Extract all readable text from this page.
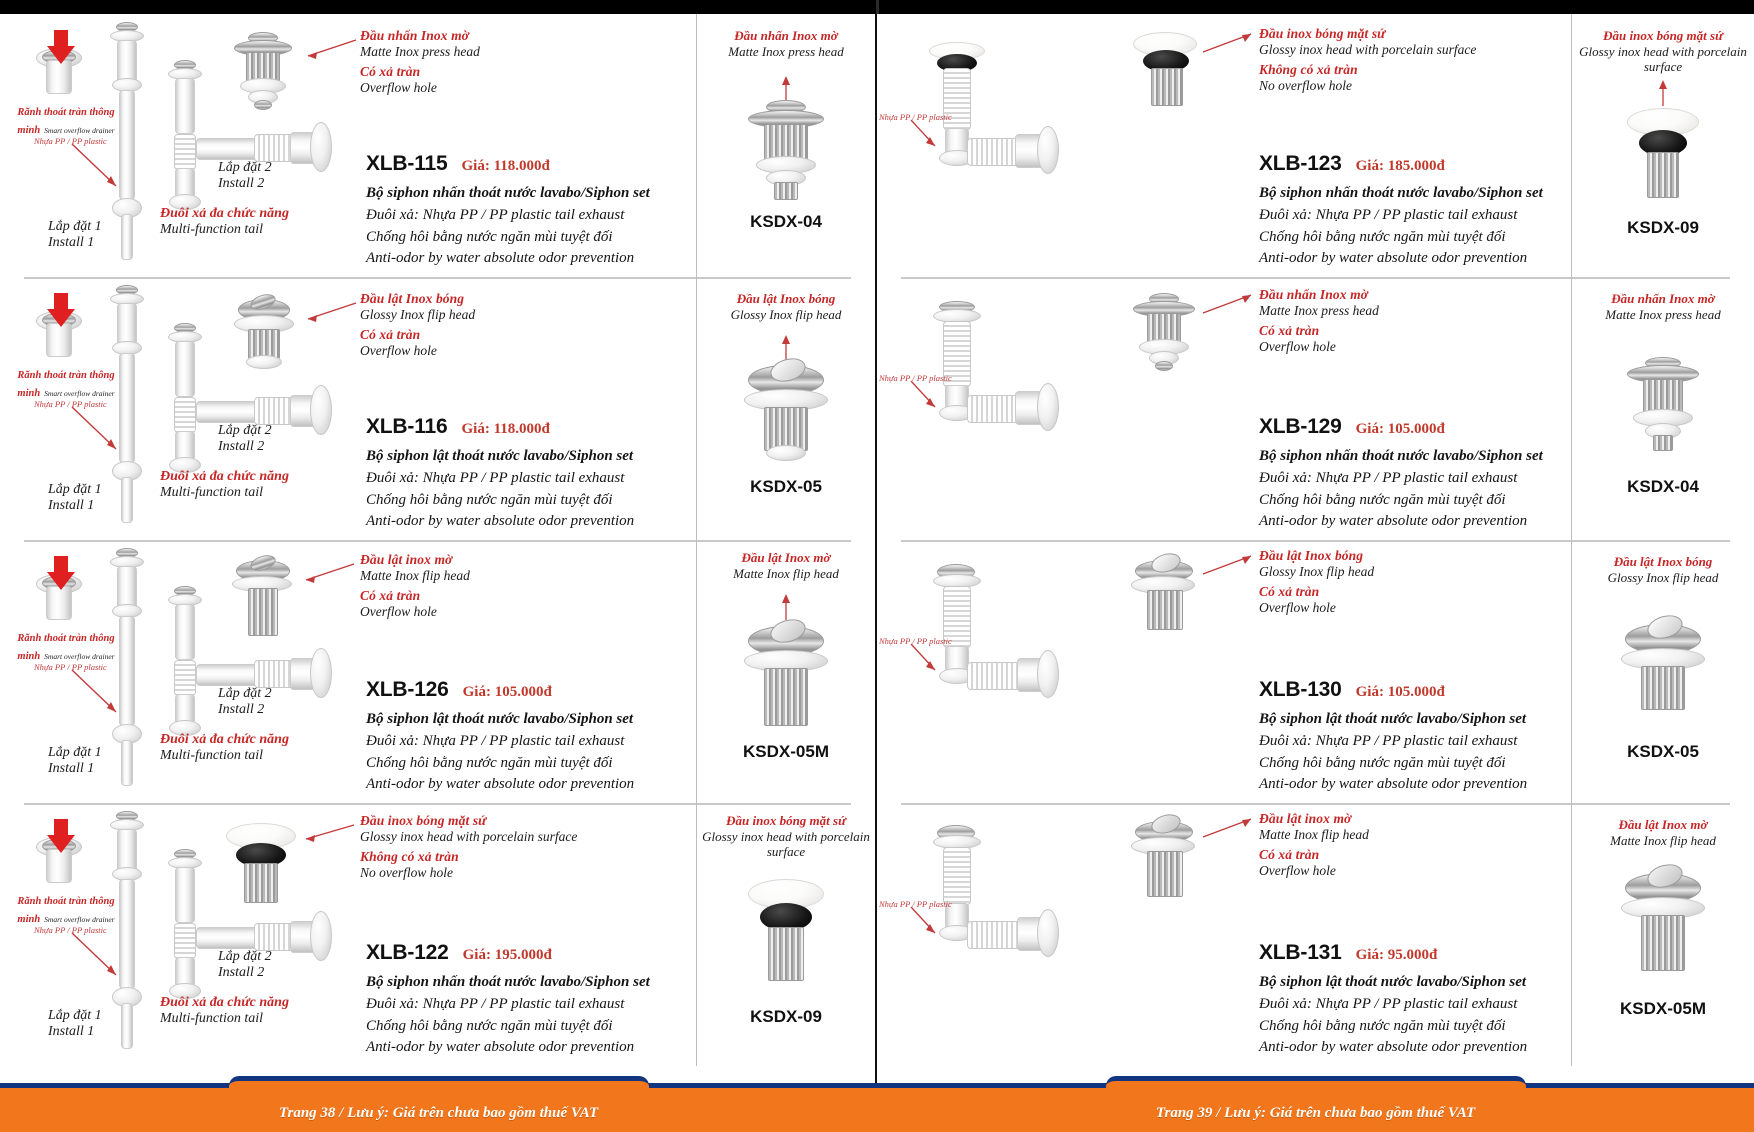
Rãnh thoát tràn thông minh Smart overflow drainer
Nhựa PP / PP plastic
Lắp đặt 1
Install 1
Lắp đặt 2
Install 2
Đuôi xả đa chức năng
Multi-function tail
Đầu nhấn Inox mờ
Matte Inox press head
Có xả tràn
Overflow hole
XLB-115 Giá: 118.000đ
Bộ siphon nhấn thoát nước lavabo/Siphon set
Đuôi xả: Nhựa PP / PP plastic tail exhaust
Chống hôi bằng nước ngăn mùi tuyệt đối
Anti-odor by water absolute odor prevention
Đầu nhấn Inox mờ
Matte Inox press head
KSDX-04
Rãnh thoát tràn thông minh Smart overflow drainer
Nhựa PP / PP plastic
Lắp đặt 1
Install 1
Lắp đặt 2
Install 2
Đuôi xả đa chức năng
Multi-function tail
Đầu lật Inox bóng
Glossy Inox flip head
Có xả tràn
Overflow hole
XLB-116 Giá: 118.000đ
Bộ siphon lật thoát nước lavabo/Siphon set
Đuôi xả: Nhựa PP / PP plastic tail exhaust
Chống hôi bằng nước ngăn mùi tuyệt đối
Anti-odor by water absolute odor prevention
Đầu lật Inox bóng
Glossy Inox flip head
KSDX-05
Rãnh thoát tràn thông minh Smart overflow drainer
Nhựa PP / PP plastic
Lắp đặt 1
Install 1
Lắp đặt 2
Install 2
Đuôi xả đa chức năng
Multi-function tail
Đầu lật inox mờ
Matte Inox flip head
Có xả tràn
Overflow hole
XLB-126 Giá: 105.000đ
Bộ siphon lật thoát nước lavabo/Siphon set
Đuôi xả: Nhựa PP / PP plastic tail exhaust
Chống hôi bằng nước ngăn mùi tuyệt đối
Anti-odor by water absolute odor prevention
Đầu lật Inox mờ
Matte Inox flip head
KSDX-05M
Rãnh thoát tràn thông minh Smart overflow drainer
Nhựa PP / PP plastic
Lắp đặt 1
Install 1
Lắp đặt 2
Install 2
Đuôi xả đa chức năng
Multi-function tail
Đầu inox bóng mặt sứ
Glossy inox head with porcelain surface
Không có xả tràn
No overflow hole
XLB-122 Giá: 195.000đ
Bộ siphon nhấn thoát nước lavabo/Siphon set
Đuôi xả: Nhựa PP / PP plastic tail exhaust
Chống hôi bằng nước ngăn mùi tuyệt đối
Anti-odor by water absolute odor prevention
Đầu inox bóng mặt sứ
Glossy inox head with porcelain surface
KSDX-09
Trang 38 / Lưu ý: Giá trên chưa bao gồm thuế VAT
Nhựa PP / PP plastic
Đầu inox bóng mặt sứ
Glossy inox head with porcelain surface
Không có xả tràn
No overflow hole
XLB-123 Giá: 185.000đ
Bộ siphon nhấn thoát nước lavabo/Siphon set
Đuôi xả: Nhựa PP / PP plastic tail exhaust
Chống hôi bằng nước ngăn mùi tuyệt đối
Anti-odor by water absolute odor prevention
Đầu inox bóng mặt sứ
Glossy inox head with porcelain surface
KSDX-09
Nhựa PP / PP plastic
Đầu nhấn Inox mờ
Matte Inox press head
Có xả tràn
Overflow hole
XLB-129 Giá: 105.000đ
Bộ siphon nhấn thoát nước lavabo/Siphon set
Đuôi xả: Nhựa PP / PP plastic tail exhaust
Chống hôi bằng nước ngăn mùi tuyệt đối
Anti-odor by water absolute odor prevention
Đầu nhấn Inox mờ
Matte Inox press head
KSDX-04
Nhựa PP / PP plastic
Đầu lật Inox bóng
Glossy Inox flip head
Có xả tràn
Overflow hole
XLB-130 Giá: 105.000đ
Bộ siphon lật thoát nước lavabo/Siphon set
Đuôi xả: Nhựa PP / PP plastic tail exhaust
Chống hôi bằng nước ngăn mùi tuyệt đối
Anti-odor by water absolute odor prevention
Đầu lật Inox bóng
Glossy Inox flip head
KSDX-05
Nhựa PP / PP plastic
Đầu lật inox mờ
Matte Inox flip head
Có xả tràn
Overflow hole
XLB-131 Giá: 95.000đ
Bộ siphon lật thoát nước lavabo/Siphon set
Đuôi xả: Nhựa PP / PP plastic tail exhaust
Chống hôi bằng nước ngăn mùi tuyệt đối
Anti-odor by water absolute odor prevention
Đầu lật Inox mờ
Matte Inox flip head
KSDX-05M
Trang 39 / Lưu ý: Giá trên chưa bao gồm thuế VAT
